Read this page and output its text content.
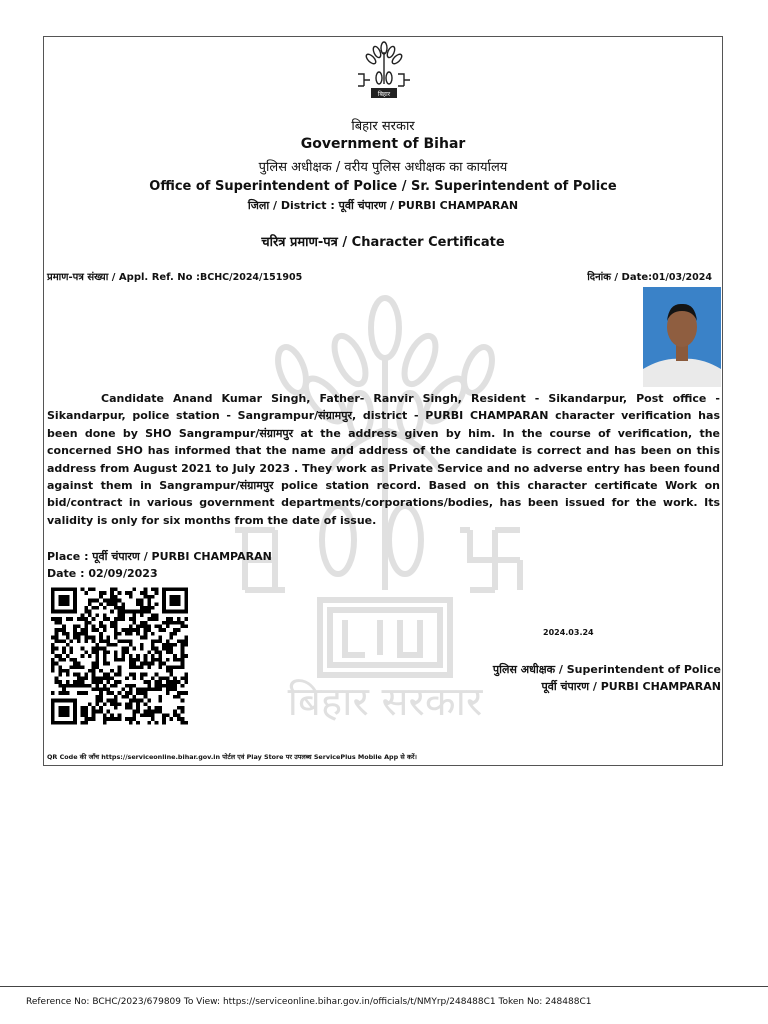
बिहार सरकार
बिहार
बिहार सरकार
Government of Bihar
पुलिस अधीक्षक / वरीय पुलिस अधीक्षक का कार्यालय
Office of Superintendent of Police / Sr. Superintendent of Police
जिला / District : पूर्वी चंपारण / PURBI CHAMPARAN
चरित्र प्रमाण-पत्र / Character Certificate
प्रमाण-पत्र संख्या / Appl. Ref. No :BCHC/2024/151905	दिनांक / Date:01/03/2024
Candidate Anand Kumar Singh, Father- Ranvir Singh, Resident - Sikandarpur, Post office - Sikandarpur, police station - Sangrampur/संग्रामपुर, district - PURBI CHAMPARAN character verification has been done by SHO Sangrampur/संग्रामपुर at the address given by him. In the course of verification, the concerned SHO has informed that the name and address of the candidate is correct and has been on this address from August 2021 to July 2023 . They work as Private Service and no adverse entry has been found against them in Sangrampur/संग्रामपुर police station record. Based on this character certificate Work on bid/contract in various government departments/corporations/bodies, has been issued for the work. Its validity is only for six months from the date of issue.
Place : पूर्वी चंपारण / PURBI CHAMPARAN
Date : 02/09/2023
2024.03.24
पुलिस अधीक्षक / Superintendent of Police
पूर्वी चंपारण / PURBI CHAMPARAN
QR Code की जाँच https://serviceonline.bihar.gov.in पोर्टल एवं Play Store पर उपलब्ध ServicePlus Mobile App से करें।
Reference No: BCHC/2023/679809 To View: https://serviceonline.bihar.gov.in/officials/t/NMYrp/248488C1 Token No: 248488C1
